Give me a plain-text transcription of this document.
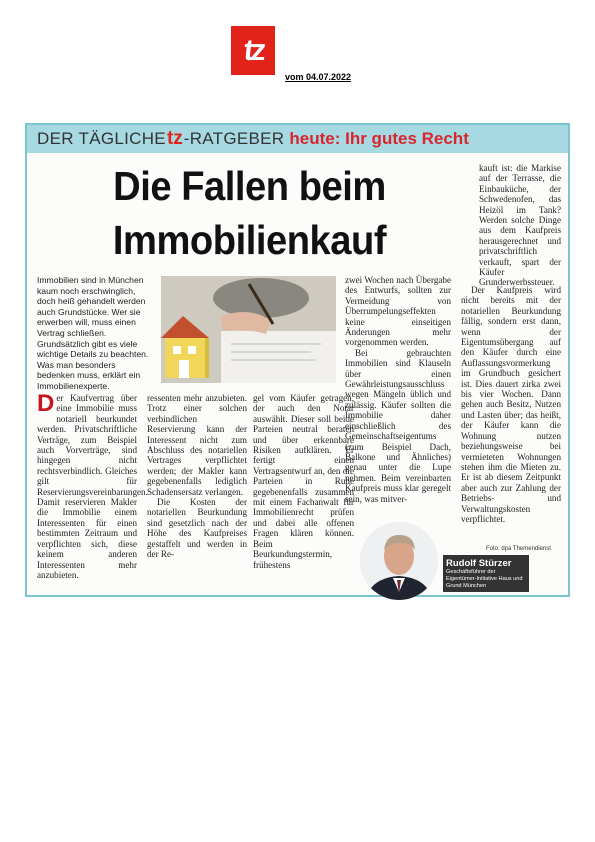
tz
vom 04.07.2022
DER TÄGLICHE tz -RATGEBER heute: Ihr gutes Recht
Die Fallen beim
Immobilienkauf
Immobilien sind in München kaum noch erschwinglich, doch heiß gehandelt werden auch Grundstücke. Wer sie erwerben will, muss einen Vertrag schließen. Grundsätzlich gibt es viele wichtige Details zu beachten. Was man besonders bedenken muss, erklärt ein Immobilienexperte.
D er Kaufvertrag über eine Immobilie muss notariell beurkundet werden. Privatschriftliche Verträge, zum Beispiel auch Vorverträge, sind hingegen nicht rechtsverbindlich. Gleiches gilt für Reservierungsvereinbarungen. Damit reservieren Makler die Immobilie einem Interessenten für einen bestimmten Zeitraum und verpflichten sich, diese keinem anderen Interessenten mehr anzubieten.

ressenten mehr anzubieten. Trotz einer solchen verbindlichen Reservierung kann der Interessent nicht zum Abschluss des notariellen Vertrages verpflichtet werden; der Makler kann gegebenenfalls lediglich Schadensersatz verlangen.

Die Kosten der notariellen Beurkundung sind gesetzlich nach der Höhe des Kaufpreises gestaffelt und werden in der Re-

gel vom Käufer getragen, der auch den Notar auswählt. Dieser soll beide Parteien neutral beraten und über erkennbare Risiken aufklären. Er fertigt einen Vertragsentwurf an, den die Parteien in Ruhe gegebenenfalls zusammen mit einem Fachanwalt für Immobilienrecht prüfen und dabei alle offenen Fragen klären können. Beim Beurkundungstermin, frühestens

zwei Wochen nach Übergabe des Entwurfs, sollten zur Vermeidung von Überrumpelungseffekten keine einseitigen Änderungen mehr vorgenommen werden.

Bei gebrauchten Immobilien sind Klauseln über einen Gewährleistungsausschluss wegen Mängeln üblich und zulässig. Käufer sollten die Immobilie daher einschließlich des Gemeinschaftseigentums (zum Beispiel Dach, Balkone und Ähnliches) genau unter die Lupe nehmen. Beim vereinbarten Kaufpreis muss klar geregelt sein, was mitver-

kauft ist: die Markise auf der Terrasse, die Einbauküche, der Schwedenofen, das Heizöl im Tank? Werden solche Dinge aus dem Kaufpreis herausgerechnet und privatschriftlich verkauft, spart der Käufer Grunderwerbssteuer.

Der Kaufpreis wird nicht bereits mit der notariellen Beurkundung fällig, sondern erst dann, wenn der Eigentumsübergang auf den Käufer durch eine Auflassungsvormerkung im Grundbuch gesichert ist. Dies dauert zirka zwei bis vier Wochen. Dann gehen auch Besitz, Nutzen und Lasten über; das heißt, der Käufer kann die Wohnung nutzen beziehungsweise bei vermieteten Wohnungen stehen ihm die Mieten zu. Er ist ab diesem Zeitpunkt aber auch zur Zahlung der Betriebs- und Verwaltungskosten verpflichtet.

Rudolf Stürzer
Geschäftsführer der Eigentümer-Initiative Haus und Grund München
Foto: dpa Themendienst
